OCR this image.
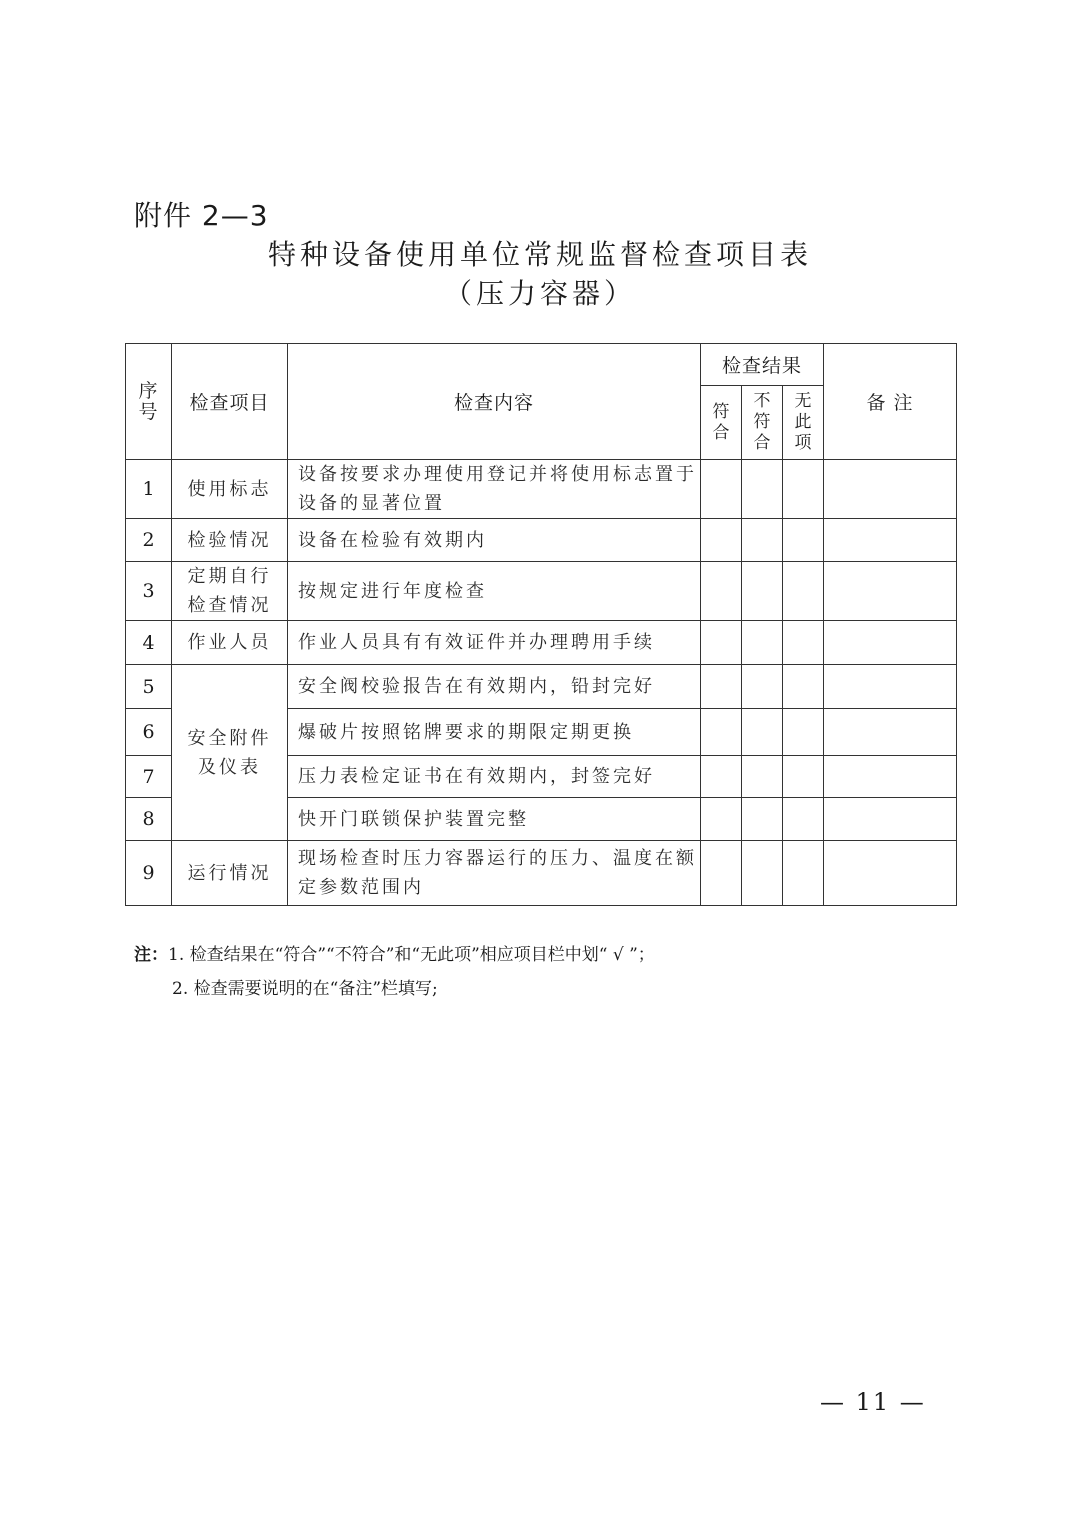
附件 2—3
特种设备使用单位常规监督检查项目表
（压力容器）
序号	检查项目	检查内容	检查结果			备 注
			符合	不符合	无此项	
1	使用标志	设备按要求办理使用登记并将使用标志置于设备的显著位置				
2	检验情况	设备在检验有效期内				
3	定期自行检查情况	按规定进行年度检查				
4	作业人员	作业人员具有有效证件并办理聘用手续				
5	安全附件及仪表	安全阀校验报告在有效期内，铅封完好				
6		爆破片按照铭牌要求的期限定期更换				
7		压力表检定证书在有效期内，封签完好				
8		快开门联锁保护装置完整				
9	运行情况	现场检查时压力容器运行的压力、温度在额定参数范围内				
注：1. 检查结果在“符合”“不符合”和“无此项”相应项目栏中划“ √ ”；
2. 检查需要说明的在“备注”栏填写;
— 11 —
